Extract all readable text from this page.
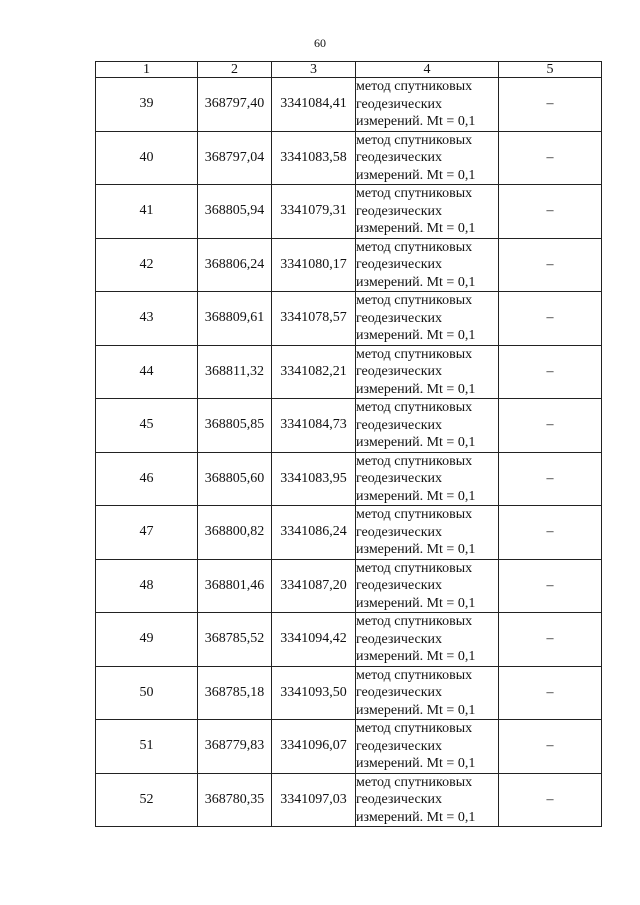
60
1	2	3	4	5
39	368797,40	3341084,41	метод спутниковых
геодезических
измерений. Mt = 0,1	–
40	368797,04	3341083,58	метод спутниковых
геодезических
измерений. Mt = 0,1	–
41	368805,94	3341079,31	метод спутниковых
геодезических
измерений. Mt = 0,1	–
42	368806,24	3341080,17	метод спутниковых
геодезических
измерений. Mt = 0,1	–
43	368809,61	3341078,57	метод спутниковых
геодезических
измерений. Mt = 0,1	–
44	368811,32	3341082,21	метод спутниковых
геодезических
измерений. Mt = 0,1	–
45	368805,85	3341084,73	метод спутниковых
геодезических
измерений. Mt = 0,1	–
46	368805,60	3341083,95	метод спутниковых
геодезических
измерений. Mt = 0,1	–
47	368800,82	3341086,24	метод спутниковых
геодезических
измерений. Mt = 0,1	–
48	368801,46	3341087,20	метод спутниковых
геодезических
измерений. Mt = 0,1	–
49	368785,52	3341094,42	метод спутниковых
геодезических
измерений. Mt = 0,1	–
50	368785,18	3341093,50	метод спутниковых
геодезических
измерений. Mt = 0,1	–
51	368779,83	3341096,07	метод спутниковых
геодезических
измерений. Mt = 0,1	–
52	368780,35	3341097,03	метод спутниковых
геодезических
измерений. Mt = 0,1	–
